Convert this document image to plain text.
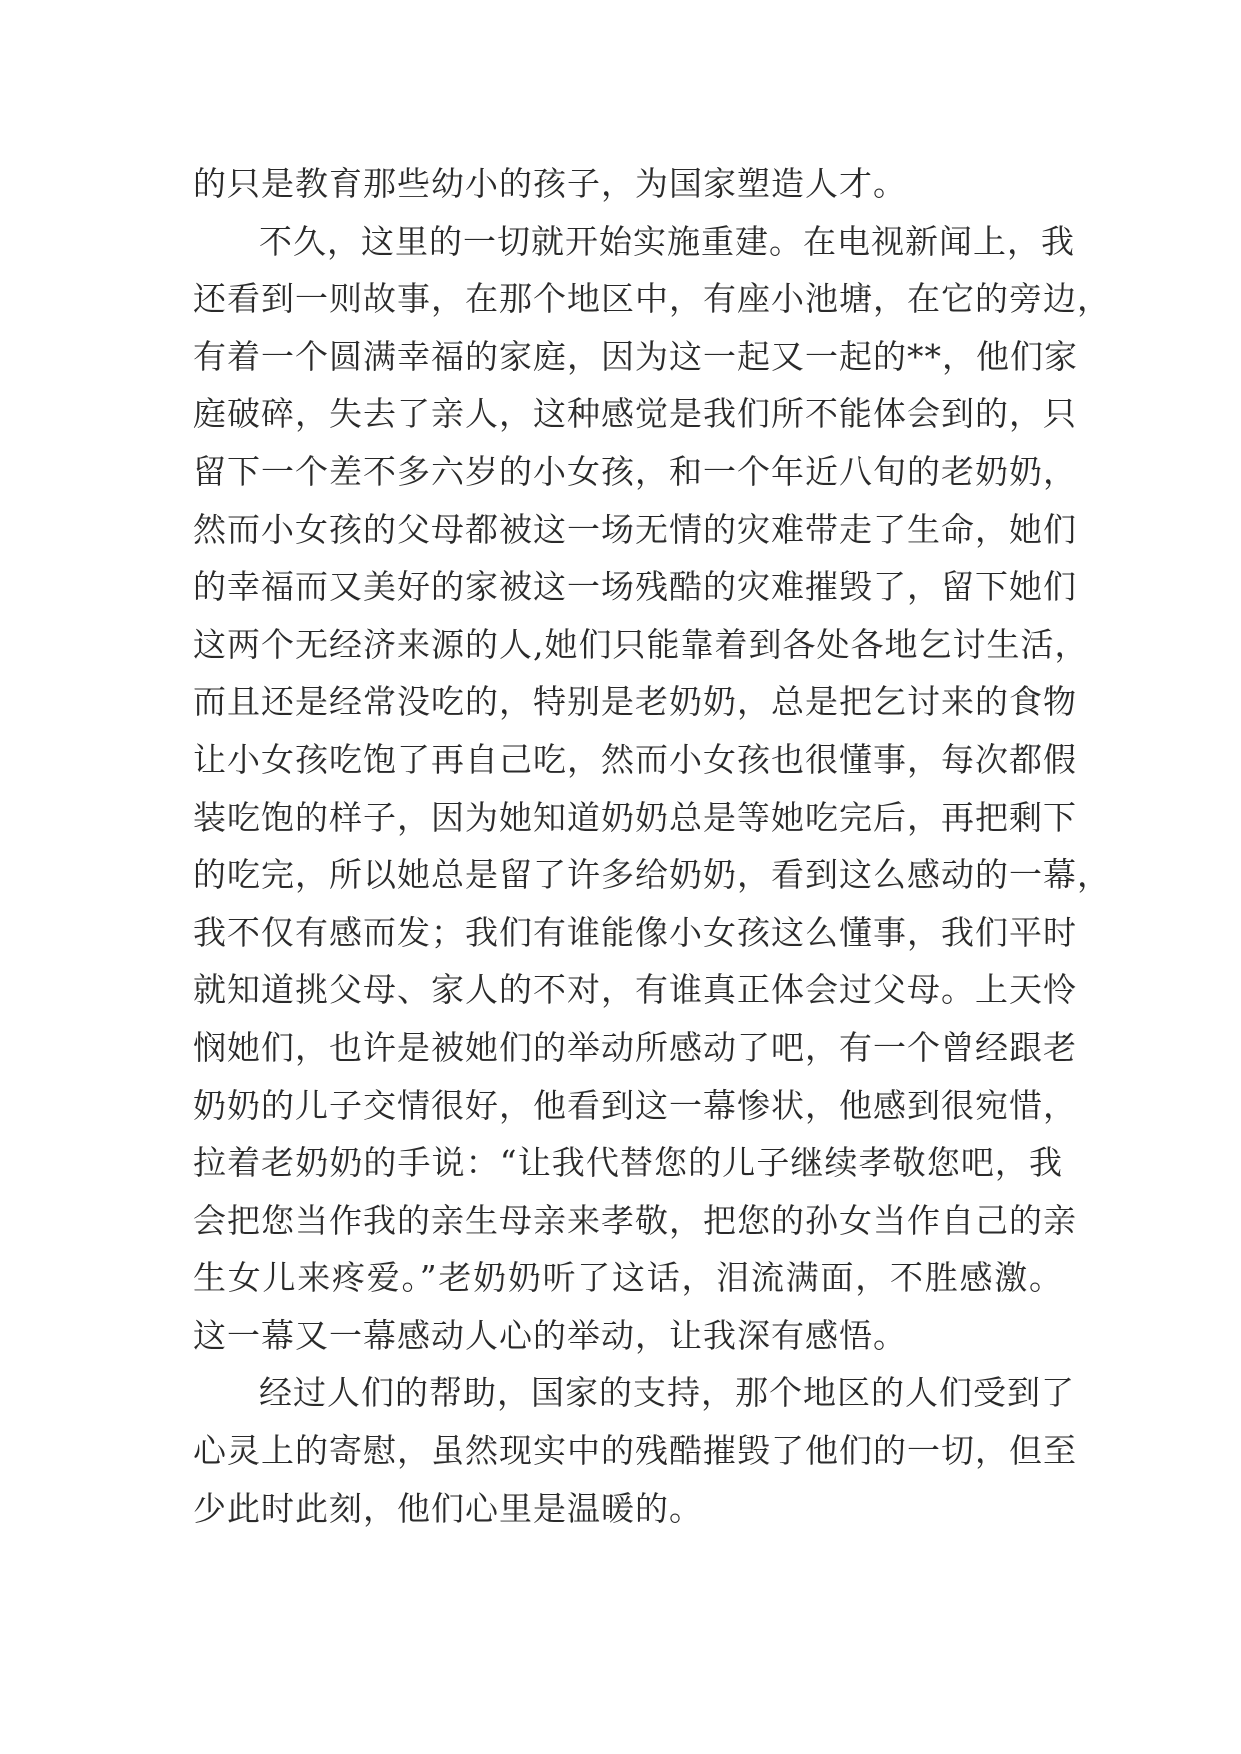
的只是教育那些幼小的孩子，为国家塑造人才。
不久，这里的一切就开始实施重建。在电视新闻上，我
还看到一则故事，在那个地区中，有座小池塘，在它的旁边，
有着一个圆满幸福的家庭，因为这一起又一起的**，他们家
庭破碎，失去了亲人，这种感觉是我们所不能体会到的，只
留下一个差不多六岁的小女孩，和一个年近八旬的老奶奶，
然而小女孩的父母都被这一场无情的灾难带走了生命，她们
的幸福而又美好的家被这一场残酷的灾难摧毁了，留下她们
这两个无经济来源的人,她们只能靠着到各处各地乞讨生活，
而且还是经常没吃的，特别是老奶奶，总是把乞讨来的食物
让小女孩吃饱了再自己吃，然而小女孩也很懂事，每次都假
装吃饱的样子，因为她知道奶奶总是等她吃完后，再把剩下
的吃完，所以她总是留了许多给奶奶，看到这么感动的一幕，
我不仅有感而发；我们有谁能像小女孩这么懂事，我们平时
就知道挑父母、家人的不对，有谁真正体会过父母。上天怜
悯她们，也许是被她们的举动所感动了吧，有一个曾经跟老
奶奶的儿子交情很好，他看到这一幕惨状，他感到很宛惜，
拉着老奶奶的手说：“让我代替您的儿子继续孝敬您吧，我
会把您当作我的亲生母亲来孝敬，把您的孙女当作自己的亲
生女儿来疼爱。”老奶奶听了这话，泪流满面，不胜感激。
这一幕又一幕感动人心的举动，让我深有感悟。
经过人们的帮助，国家的支持，那个地区的人们受到了
心灵上的寄慰，虽然现实中的残酷摧毁了他们的一切，但至
少此时此刻，他们心里是温暖的。
